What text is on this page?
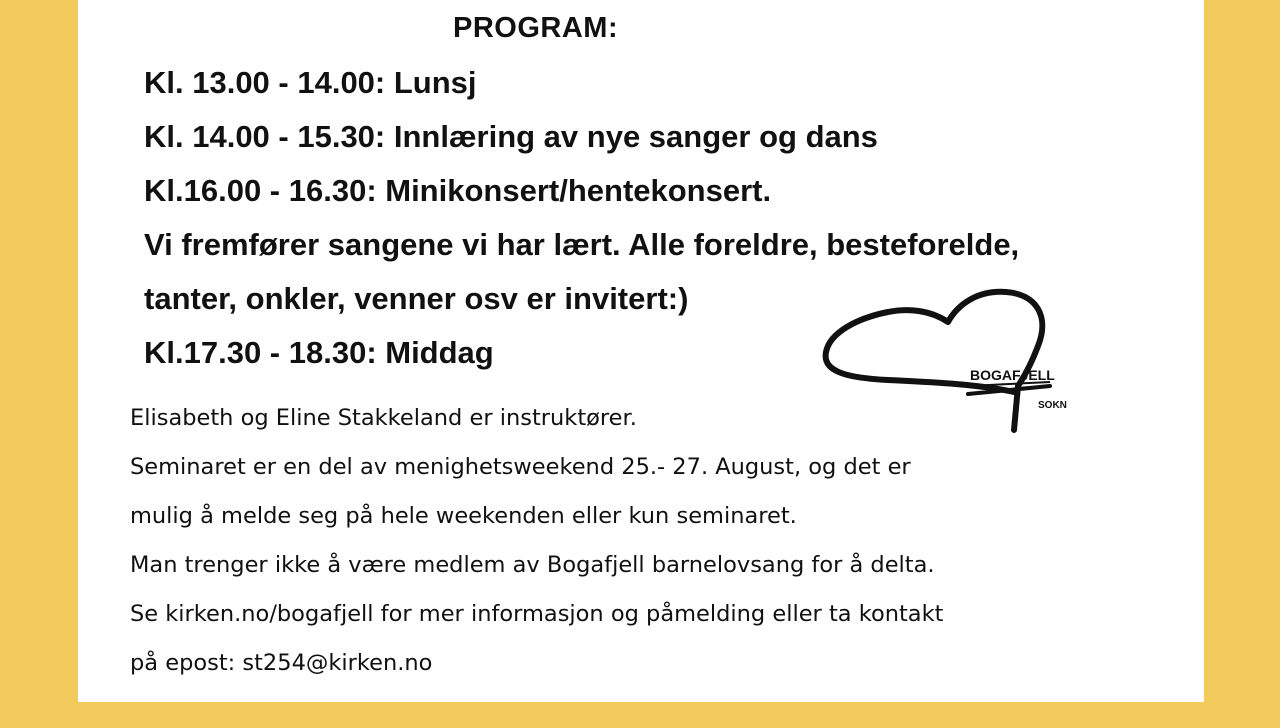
PROGRAM:
Kl. 13.00 - 14.00: Lunsj
Kl. 14.00 - 15.30: Innlæring av nye sanger og dans
Kl.16.00 - 16.30: Minikonsert/hentekonsert.
Vi fremfører sangene vi har lært. Alle foreldre, besteforelde,
tanter, onkler, venner osv er invitert:)
Kl.17.30 - 18.30: Middag
BOGAFJELL
SOKN
Elisabeth og Eline Stakkeland er instruktører.
Seminaret er en del av menighetsweekend 25.- 27. August, og det er
mulig å melde seg på hele weekenden eller kun seminaret.
Man trenger ikke å være medlem av Bogafjell barnelovsang for å delta.
Se kirken.no/bogafjell for mer informasjon og påmelding eller ta kontakt
på epost: st254@kirken.no
